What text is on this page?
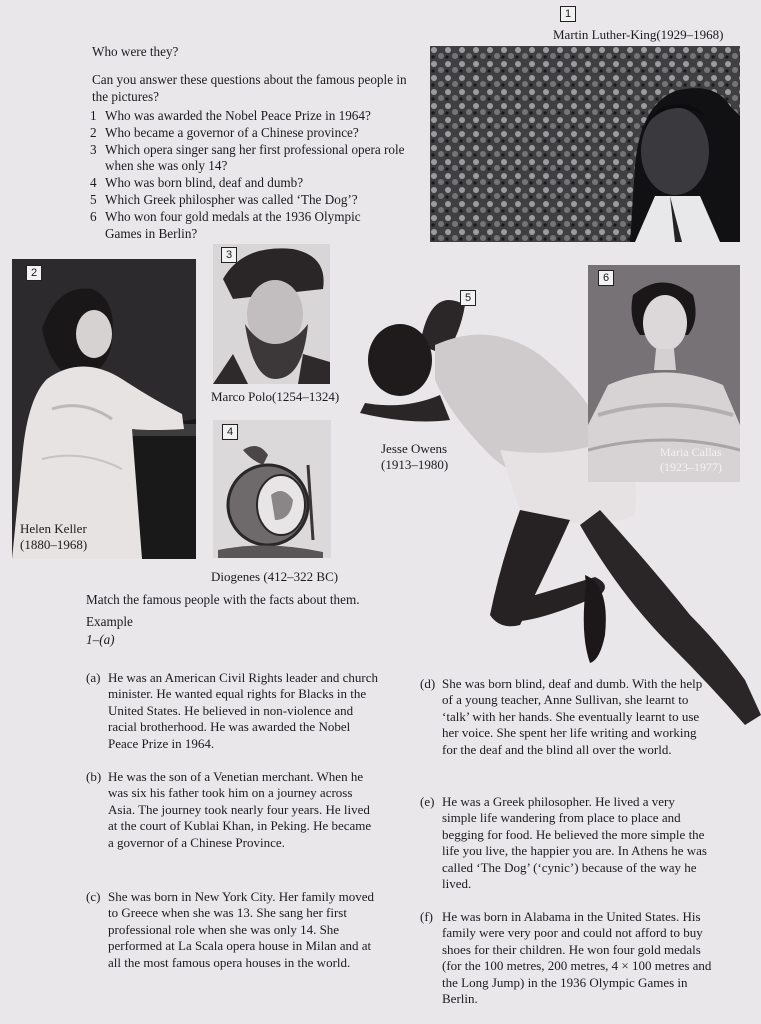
Who were they?
Can you answer these questions about the famous people in the pictures?
1 Who was awarded the Nobel Peace Prize in 1964?
2 Who became a governor of a Chinese province?
3 Which opera singer sang her first professional opera role when she was only 14?
4 Who was born blind, deaf and dumb?
5 Which Greek philospher was called ‘The Dog’?
6 Who won four gold medals at the 1936 Olympic Games in Berlin?
1
Martin Luther-King(1929–1968)
2
Helen Keller
(1880–1968)
3
Marco Polo(1254–1324)
4
Diogenes (412–322 BC)
5
Jesse Owens
(1913–1980)
6
Maria Callas
(1923–1977)
Match the famous people with the facts about them.
Example
1–(a)
(a) He was an American Civil Rights leader and church minister. He wanted equal rights for Blacks in the United States. He believed in non-violence and racial brotherhood. He was awarded the Nobel Peace Prize in 1964.
(b) He was the son of a Venetian merchant. When he was six his father took him on a journey across Asia. The journey took nearly four years. He lived at the court of Kublai Khan, in Peking. He became a governor of a Chinese Province.
(c) She was born in New York City. Her family moved to Greece when she was 13. She sang her first professional role when she was only 14. She performed at La Scala opera house in Milan and at all the most famous opera houses in the world.
(d) She was born blind, deaf and dumb. With the help of a young teacher, Anne Sullivan, she learnt to ‘talk’ with her hands. She eventually learnt to use her voice. She spent her life writing and working for the deaf and the blind all over the world.
(e) He was a Greek philosopher. He lived a very simple life wandering from place to place and begging for food. He believed the more simple the life you live, the happier you are. In Athens he was called ‘The Dog’ (‘cynic’) because of the way he lived.
(f) He was born in Alabama in the United States. His family were very poor and could not afford to buy shoes for their children. He won four gold medals (for the 100 metres, 200 metres, 4 × 100 metres and the Long Jump) in the 1936 Olympic Games in Berlin.
